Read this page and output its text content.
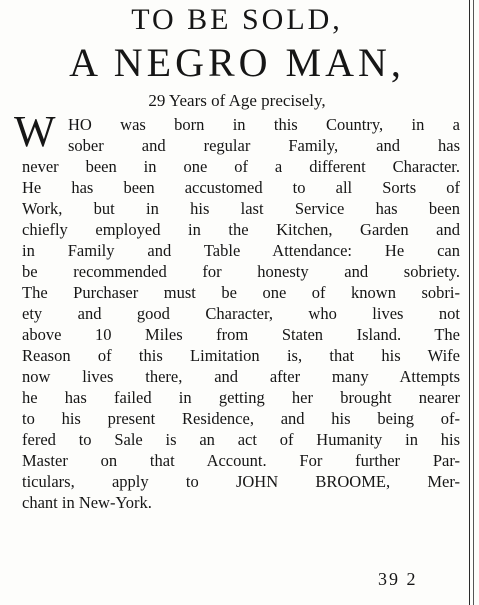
TO BE SOLD,
A NEGRO MAN,
29 Years of Age precisely,
W HO was born in this Country, in a
sober and regular Family, and has
never been in one of a different Character.
He has been accustomed to all Sorts of
Work, but in his last Service has been
chiefly employed in the Kitchen, Garden and
in Family and Table Attendance: He can
be recommended for honesty and sobriety.
The Purchaser must be one of known sobri-
ety and good Character, who lives not
above 10 Miles from Staten Island. The
Reason of this Limitation is, that his Wife
now lives there, and after many Attempts
he has failed in getting her brought nearer
to his present Residence, and his being of-
fered to Sale is an act of Humanity in his
Master on that Account. For further Par-
ticulars, apply to JOHN BROOME, Mer-
chant in New-York.
39 2
